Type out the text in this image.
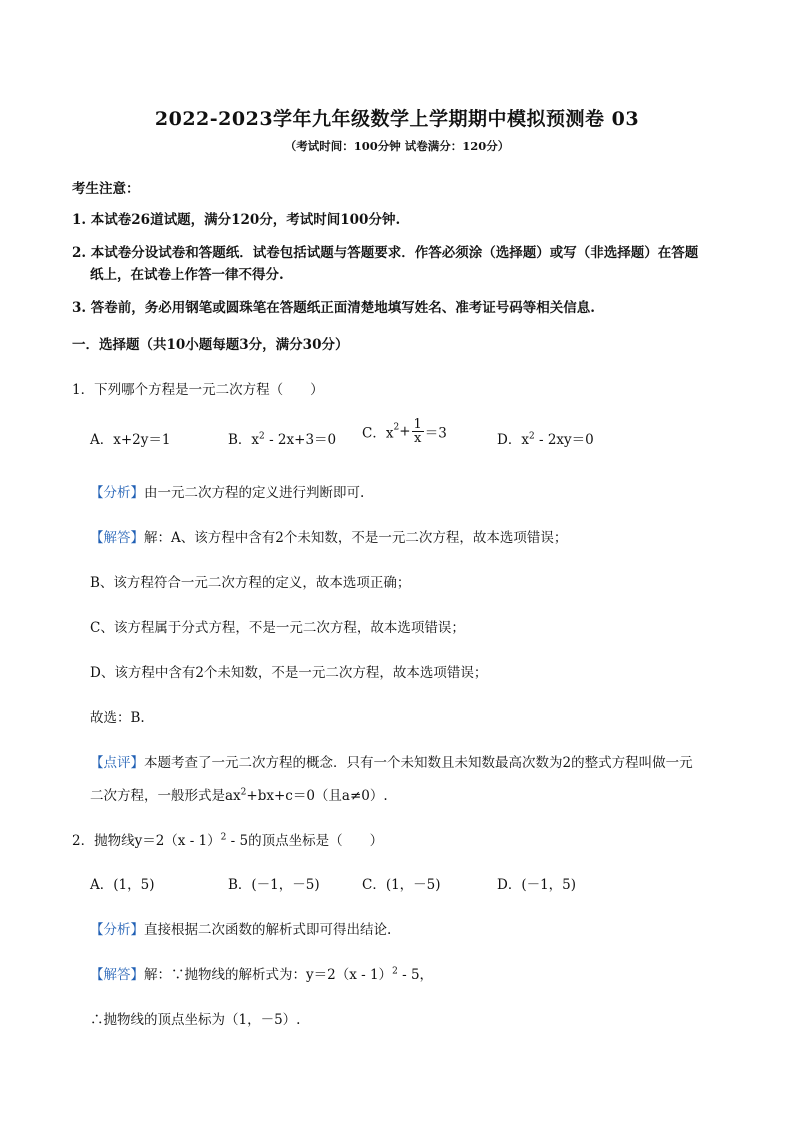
2022-2023学年九年级数学上学期期中模拟预测卷 03
（考试时间：100分钟 试卷满分：120分）
考生注意：
1. 本试卷26道试题，满分120分，考试时间100分钟.
2. 本试卷分设试卷和答题纸．试卷包括试题与答题要求．作答必须涂（选择题）或写（非选择题）在答题
纸上，在试卷上作答一律不得分.
3. 答卷前，务必用钢笔或圆珠笔在答题纸正面清楚地填写姓名、准考证号码等相关信息.
一．选择题（共10小题每题3分，满分30分）
1．下列哪个方程是一元二次方程（　　）
A．x+2y＝1	B．$x^2 - 2x+3=0$ C．$x^2+ \frac{1}{x} =3$	D．$x^2 - 2xy=0$
【分析】由一元二次方程的定义进行判断即可.
【解答】解：A、该方程中含有2个未知数，不是一元二次方程，故本选项错误；
B、该方程符合一元二次方程的定义，故本选项正确；
C、该方程属于分式方程，不是一元二次方程，故本选项错误；
D、该方程中含有2个未知数，不是一元二次方程，故本选项错误；
故选：B.
【点评】本题考查了一元二次方程的概念．只有一个未知数且未知数最高次数为2的整式方程叫做一元
二次方程，一般形式是$ax^2+bx+c=0$（且a≠0）.
2．抛物线y＝2（x - 1）$^2$ - 5的顶点坐标是（　　）
A．(1，5)	B．(－1，－5)	C．(1，－5)	D．(－1，5)
【分析】直接根据二次函数的解析式即可得出结论.
【解答】解：∵抛物线的解析式为：y＝2（x - 1）$^2$ - 5，
∴抛物线的顶点坐标为（1，－5）.
